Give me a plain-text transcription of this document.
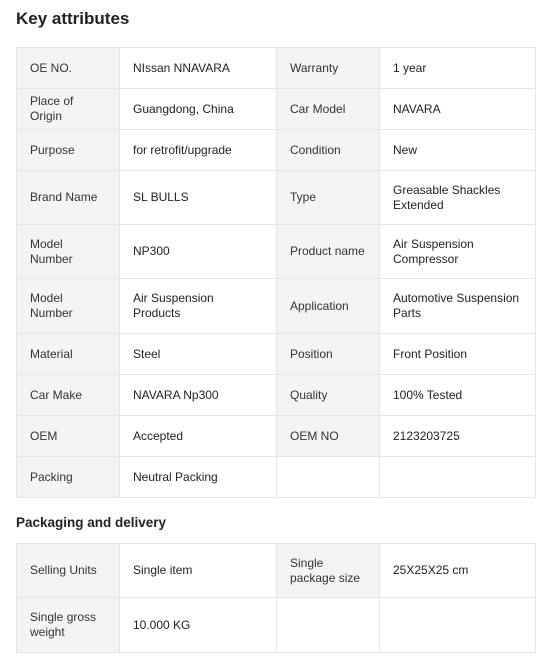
Key attributes
OE NO.	NIssan NNAVARA	Warranty	1 year
Place of Origin	Guangdong, China	Car Model	NAVARA
Purpose	for retrofit/upgrade	Condition	New
Brand Name	SL BULLS	Type	Greasable Shackles Extended
Model Number	NP300	Product name	Air Suspension Compressor
Model Number	Air Suspension Products	Application	Automotive Suspension Parts
Material	Steel	Position	Front Position
Car Make	NAVARA Np300	Quality	100% Tested
OEM	Accepted	OEM NO	2123203725
Packing	Neutral Packing		
Packaging and delivery
Selling Units	Single item	Single package size	25X25X25 cm
Single gross weight	10.000 KG		
